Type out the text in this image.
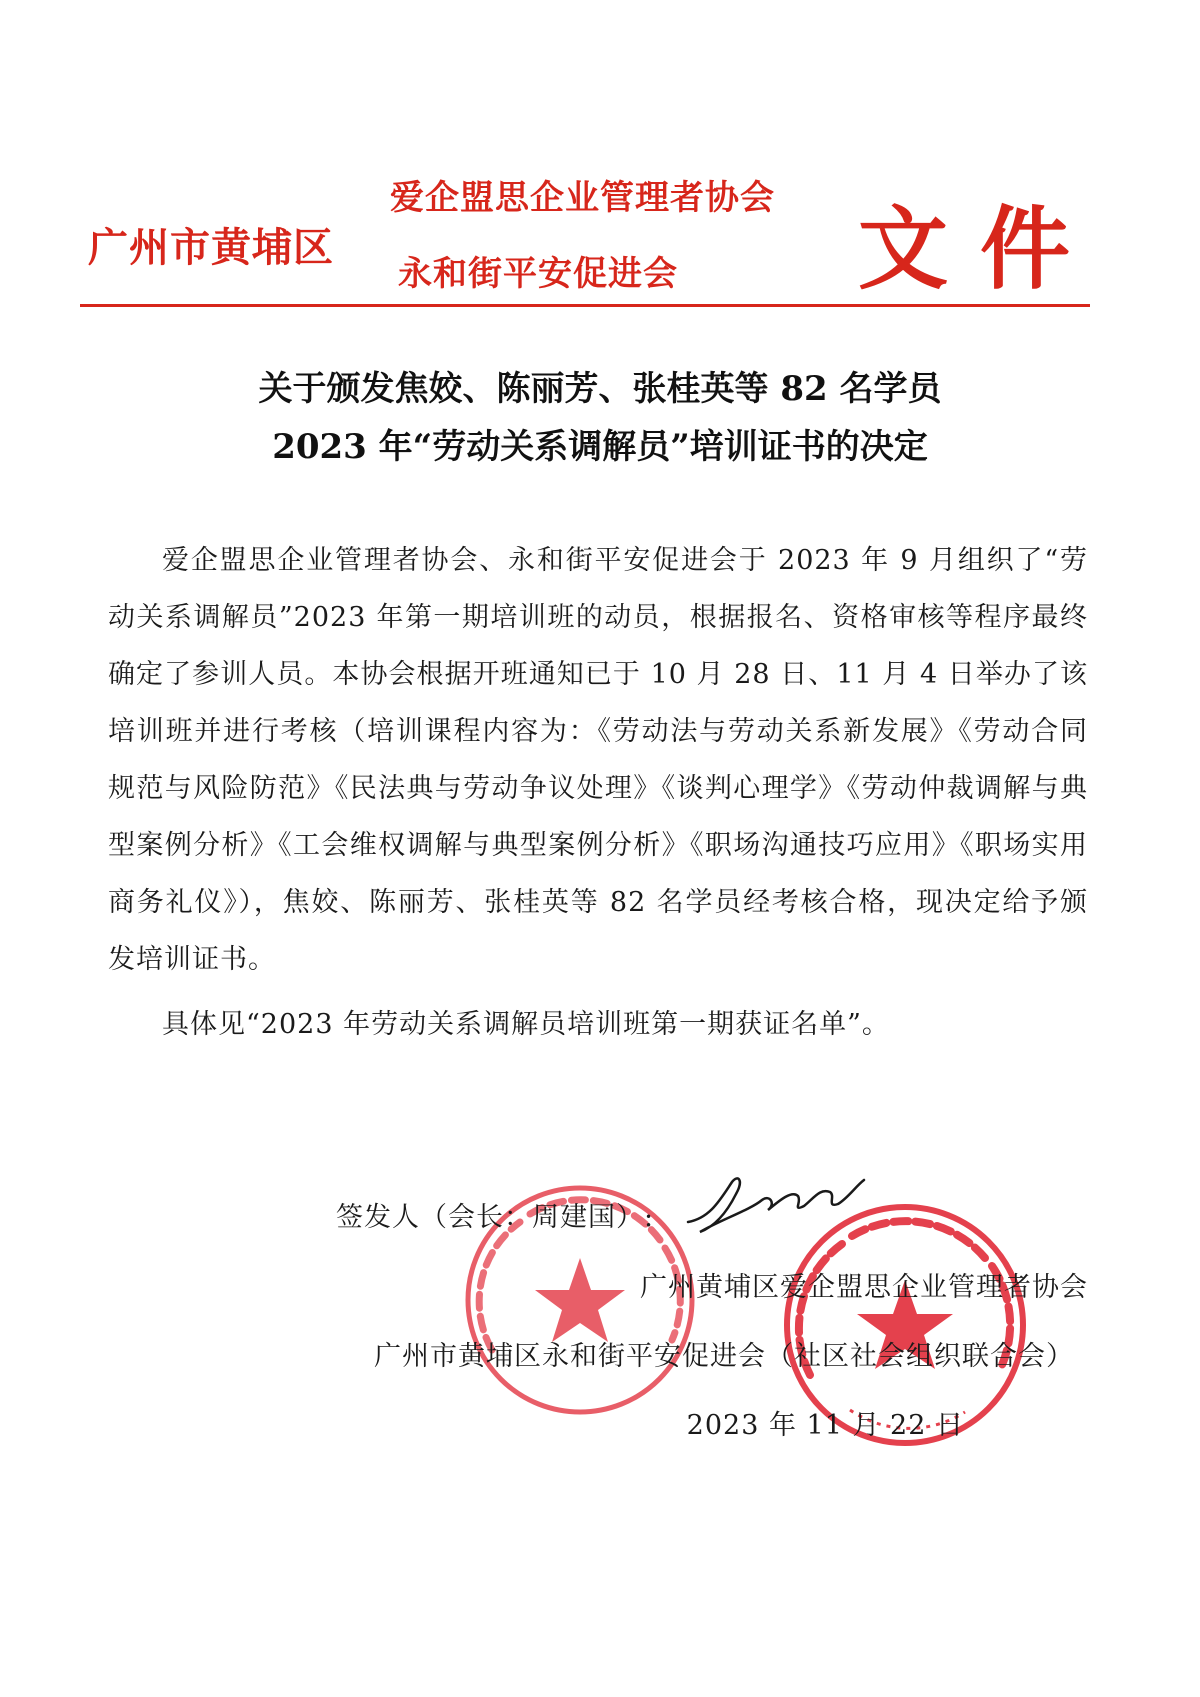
广州市黄埔区
爱企盟思企业管理者协会
永和街平安促进会 文件
关于颁发焦姣、陈丽芳、张桂英等 82 名学员
2023 年“劳动关系调解员”培训证书的决定

爱企盟思企业管理者协会、永和街平安促进会于 2023 年 9 月组织了“劳动关系调解员”2023 年第一期培训班的动员，根据报名、资格审核等程序最终确定了参训人员。本协会根据开班通知已于 10 月 28 日、11 月 4 日举办了该培训班并进行考核（培训课程内容为：《劳动法与劳动关系新发展》《劳动合同规范与风险防范》《民法典与劳动争议处理》《谈判心理学》《劳动仲裁调解与典型案例分析》《工会维权调解与典型案例分析》《职场沟通技巧应用》《职场实用商务礼仪》），焦姣、陈丽芳、张桂英等 82 名学员经考核合格，现决定给予颁发培训证书。

具体见“2023 年劳动关系调解员培训班第一期获证名单”。

签发人（会长：周建国）:
广州黄埔区爱企盟思企业管理者协会
广州市黄埔区永和街平安促进会（社区社会组织联合会）
2023 年 11 月 22 日
